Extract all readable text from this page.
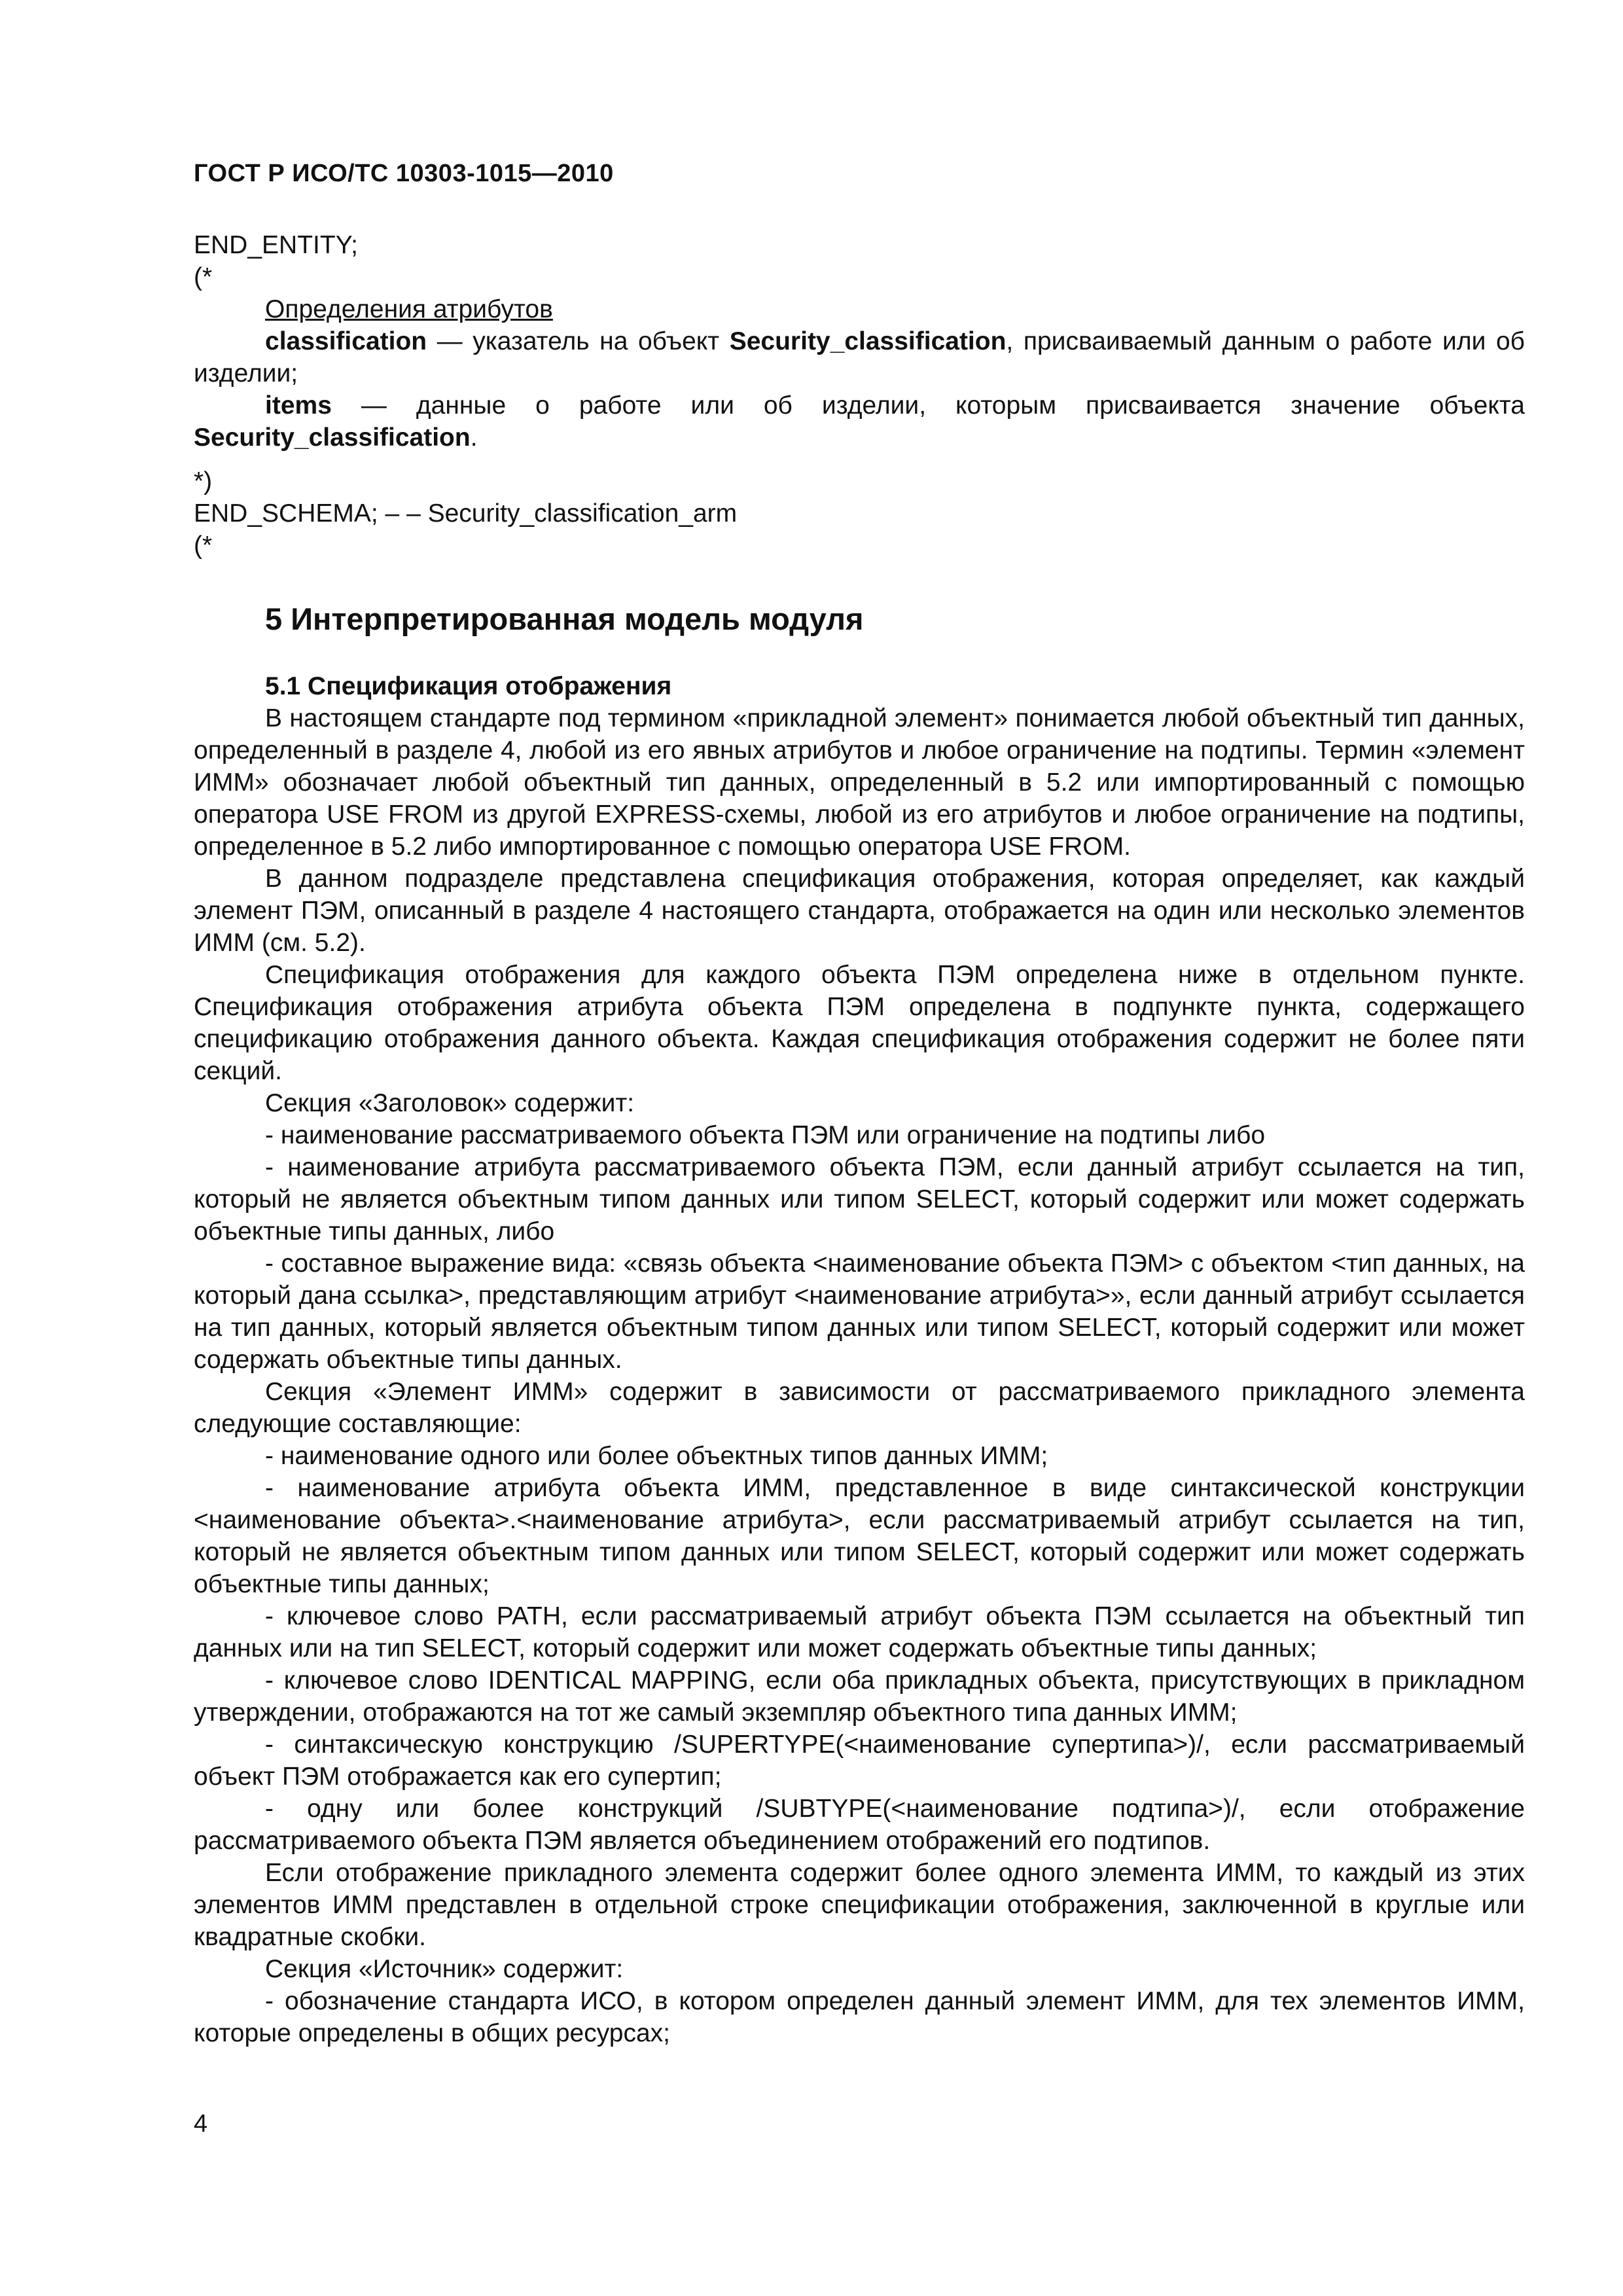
ГОСТ Р ИСО/ТС 10303-1015—2010
END_ENTITY;
(*
Определения атрибутов

classification — указатель на объект Security_classification, присваиваемый данным о работе или об изделии;

items — данные о работе или об изделии, которым присваивается значение объекта Security_classification.

*)
END_SCHEMA; – – Security_classification_arm
(*
5 Интерпретированная модель модуля
5.1 Спецификация отображения

В настоящем стандарте под термином «прикладной элемент» понимается любой объектный тип данных, определенный в разделе 4, любой из его явных атрибутов и любое ограничение на подтипы. Термин «элемент ИММ» обозначает любой объектный тип данных, определенный в 5.2 или импортированный с помощью оператора USE FROM из другой EXPRESS-схемы, любой из его атрибутов и любое ограничение на подтипы, определенное в 5.2 либо импортированное с помощью оператора USE FROM.

В данном подразделе представлена спецификация отображения, которая определяет, как каждый элемент ПЭМ, описанный в разделе 4 настоящего стандарта, отображается на один или несколько элементов ИММ (см. 5.2).

Спецификация отображения для каждого объекта ПЭМ определена ниже в отдельном пункте. Спецификация отображения атрибута объекта ПЭМ определена в подпункте пункта, содержащего спецификацию отображения данного объекта. Каждая спецификация отображения содержит не более пяти секций.

Секция «Заголовок» содержит:

- наименование рассматриваемого объекта ПЭМ или ограничение на подтипы либо

- наименование атрибута рассматриваемого объекта ПЭМ, если данный атрибут ссылается на тип, который не является объектным типом данных или типом SELECT, который содержит или может содержать объектные типы данных, либо

- составное выражение вида: «связь объекта <наименование объекта ПЭМ> с объектом <тип данных, на который дана ссылка>, представляющим атрибут <наименование атрибута>», если данный атрибут ссылается на тип данных, который является объектным типом данных или типом SELECT, который содержит или может содержать объектные типы данных.

Секция «Элемент ИММ» содержит в зависимости от рассматриваемого прикладного элемента следующие составляющие:

- наименование одного или более объектных типов данных ИММ;

- наименование атрибута объекта ИММ, представленное в виде синтаксической конструкции <наименование объекта>.<наименование атрибута>, если рассматриваемый атрибут ссылается на тип, который не является объектным типом данных или типом SELECT, который содержит или может содержать объектные типы данных;

- ключевое слово PATH, если рассматриваемый атрибут объекта ПЭМ ссылается на объектный тип данных или на тип SELECT, который содержит или может содержать объектные типы данных;

- ключевое слово IDENTICAL MAPPING, если оба прикладных объекта, присутствующих в прикладном утверждении, отображаются на тот же самый экземпляр объектного типа данных ИММ;

- синтаксическую конструкцию /SUPERTYPE(<наименование супертипа>)/, если рассматриваемый объект ПЭМ отображается как его супертип;

- одну или более конструкций /SUBTYPE(<наименование подтипа>)/, если отображение рассматриваемого объекта ПЭМ является объединением отображений его подтипов.

Если отображение прикладного элемента содержит более одного элемента ИММ, то каждый из этих элементов ИММ представлен в отдельной строке спецификации отображения, заключенной в круглые или квадратные скобки.

Секция «Источник» содержит:

- обозначение стандарта ИСО, в котором определен данный элемент ИММ, для тех элементов ИММ, которые определены в общих ресурсах;

4
